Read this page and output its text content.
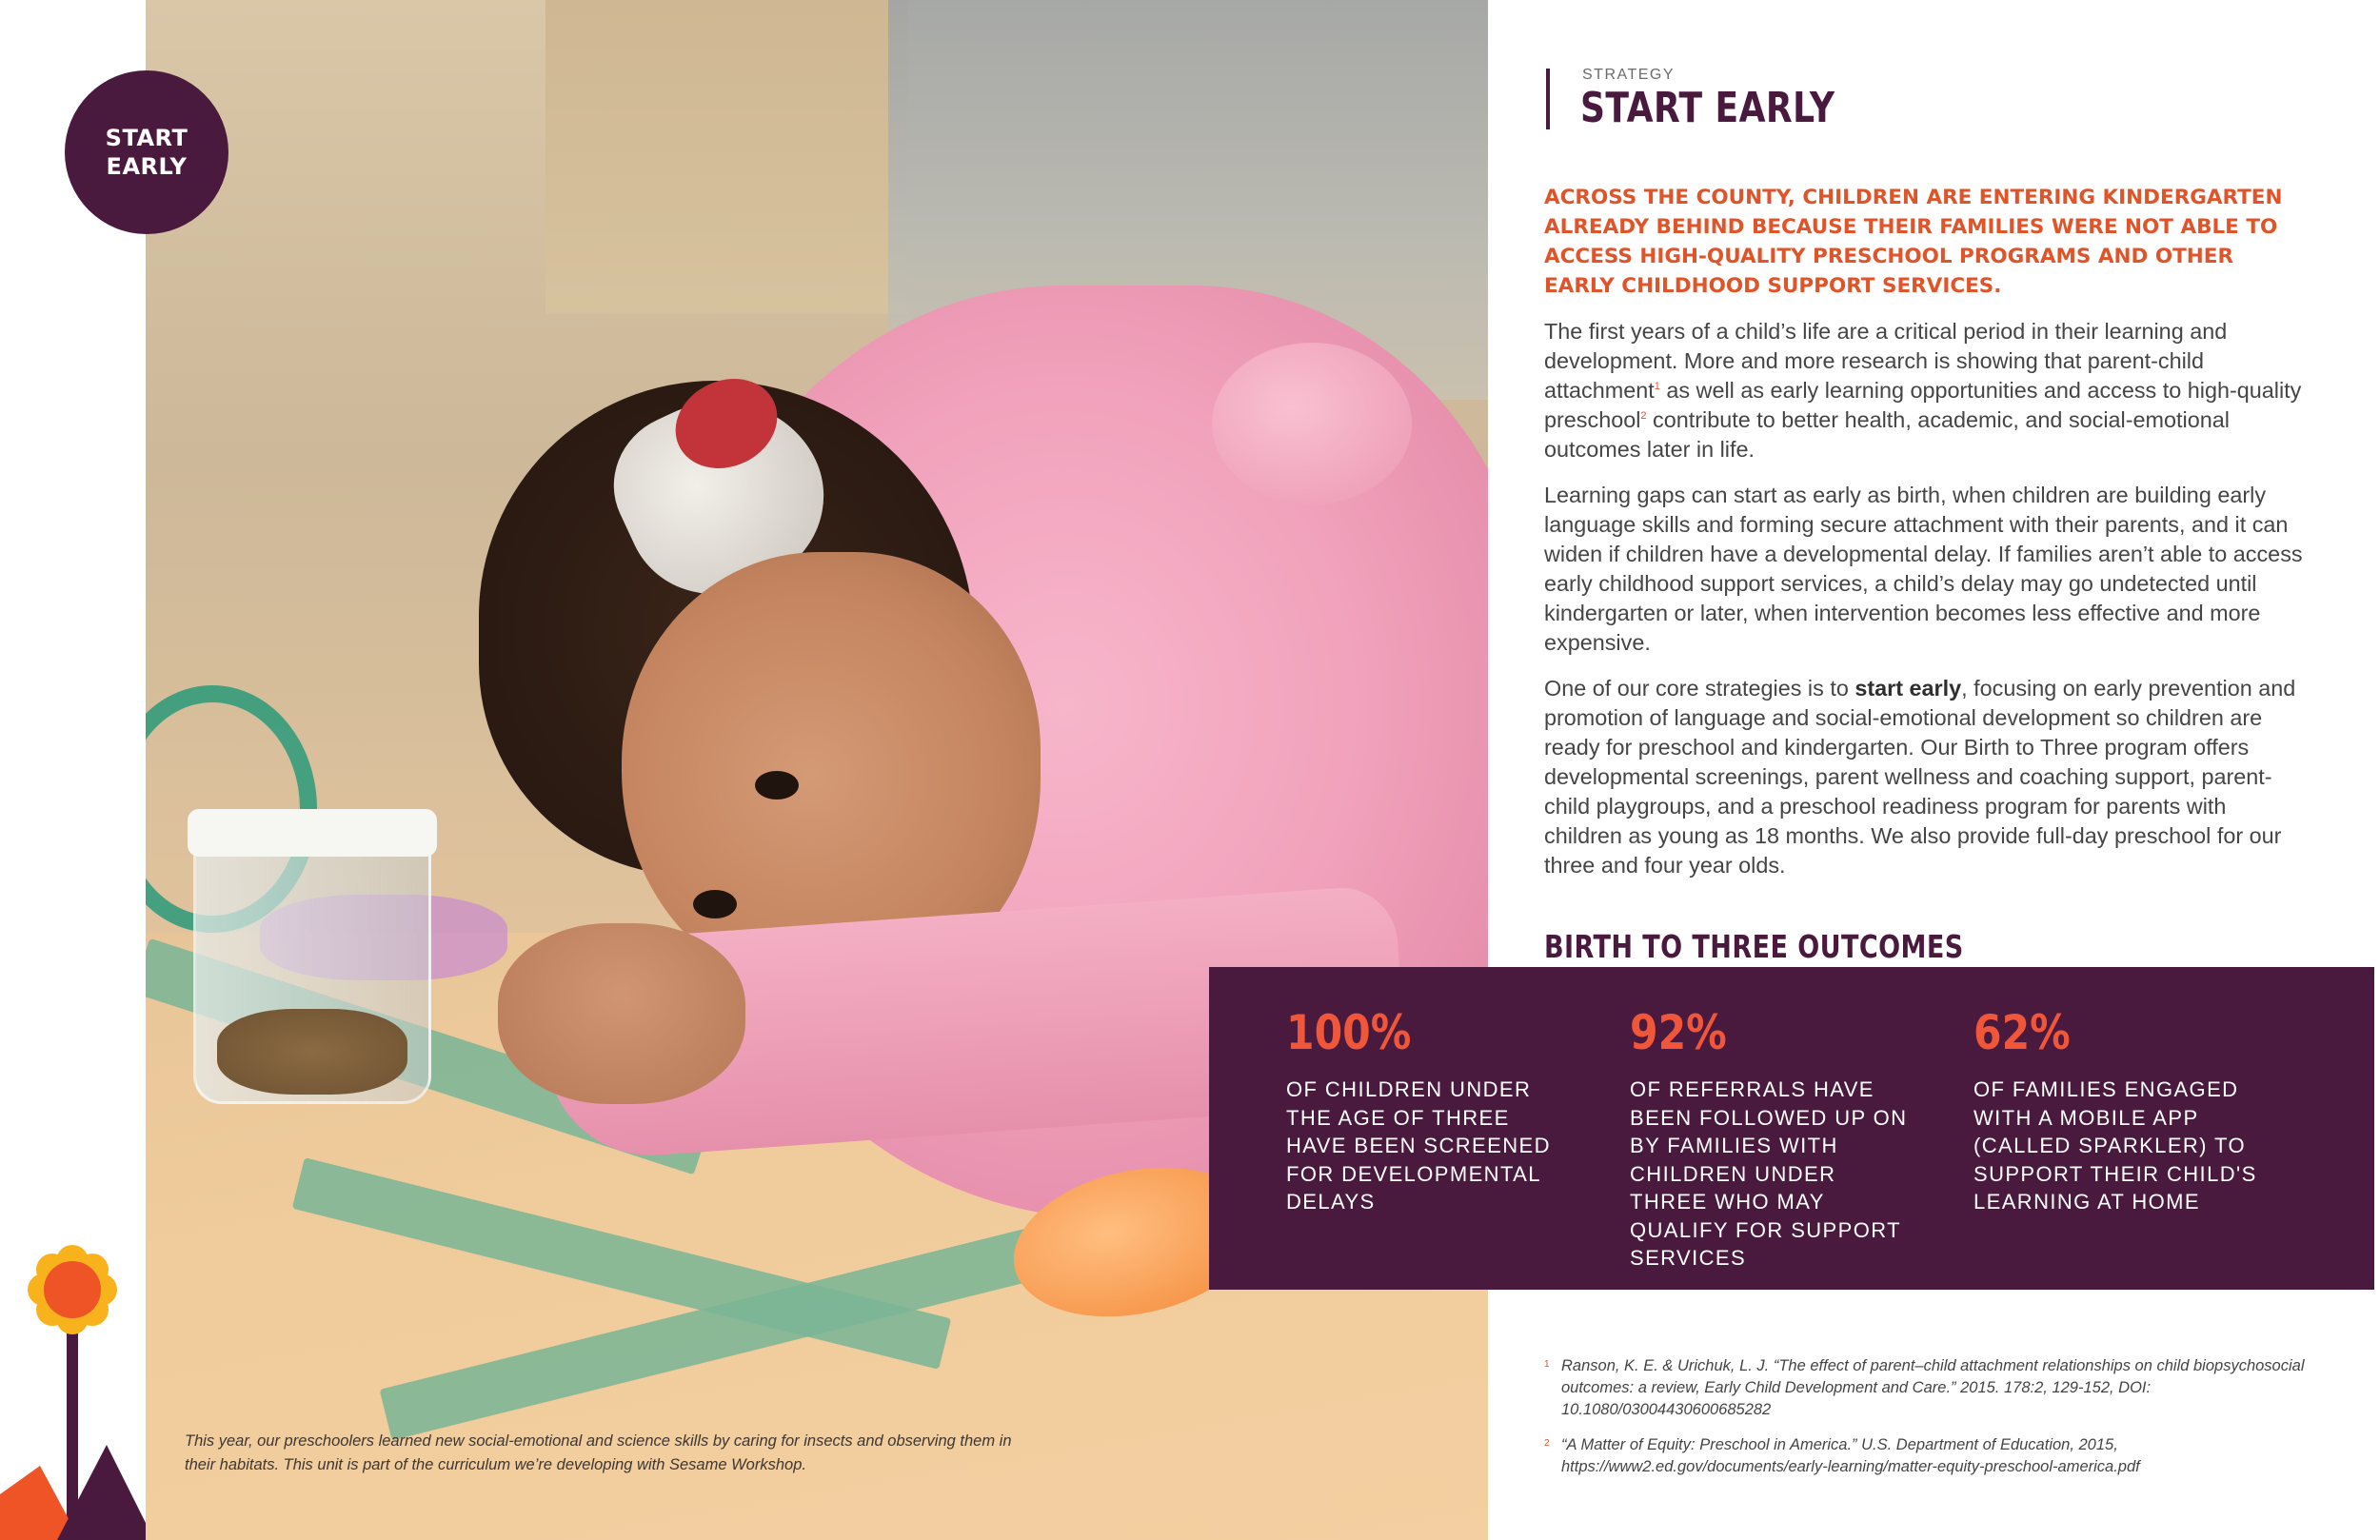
This year, our preschoolers learned new social-emotional and science skills by caring for insects and observing them in their habitats. This unit is part of the curriculum we’re developing with Sesame Workshop.
START
EARLY
STRATEGY
START EARLY
ACROSS THE COUNTY, CHILDREN ARE ENTERING KINDERGARTEN ALREADY BEHIND BECAUSE THEIR FAMILIES WERE NOT ABLE TO ACCESS HIGH-QUALITY PRESCHOOL PROGRAMS AND OTHER EARLY CHILDHOOD SUPPORT SERVICES.
The first years of a child’s life are a critical period in their learning and development. More and more research is showing that parent-child attachment$^1$ as well as early learning opportunities and access to high-quality preschool$^2$ contribute to better health, academic, and social-emotional outcomes later in life.
Learning gaps can start as early as birth, when children are building early language skills and forming secure attachment with their parents, and it can widen if children have a developmental delay. If families aren’t able to access early childhood support services, a child’s delay may go undetected until kindergarten or later, when intervention becomes less effective and more expensive.
One of our core strategies is to start early, focusing on early prevention and promotion of language and social-emotional development so children are ready for preschool and kindergarten. Our Birth to Three program offers developmental screenings, parent wellness and coaching support, parent-child playgroups, and a preschool readiness program for parents with children as young as 18 months. We also provide full-day preschool for our three and four year olds.
BIRTH TO THREE OUTCOMES
100%
OF CHILDREN UNDER THE AGE OF THREE HAVE BEEN SCREENED FOR DEVELOPMENTAL DELAYS
92%
OF REFERRALS HAVE BEEN FOLLOWED UP ON BY FAMILIES WITH CHILDREN UNDER THREE WHO MAY QUALIFY FOR SUPPORT SERVICES
62%
OF FAMILIES ENGAGED WITH A MOBILE APP (CALLED SPARKLER) TO SUPPORT THEIR CHILD'S LEARNING AT HOME
1 Ranson, K. E. & Urichuk, L. J. “The effect of parent–child attachment relationships on child biopsychosocial outcomes: a review, Early Child Development and Care.” 2015. 178:2, 129-152, DOI: 10.1080/03004430600685282
2 “A Matter of Equity: Preschool in America.” U.S. Department of Education, 2015, https://www2.ed.gov/documents/early-learning/matter-equity-preschool-america.pdf
